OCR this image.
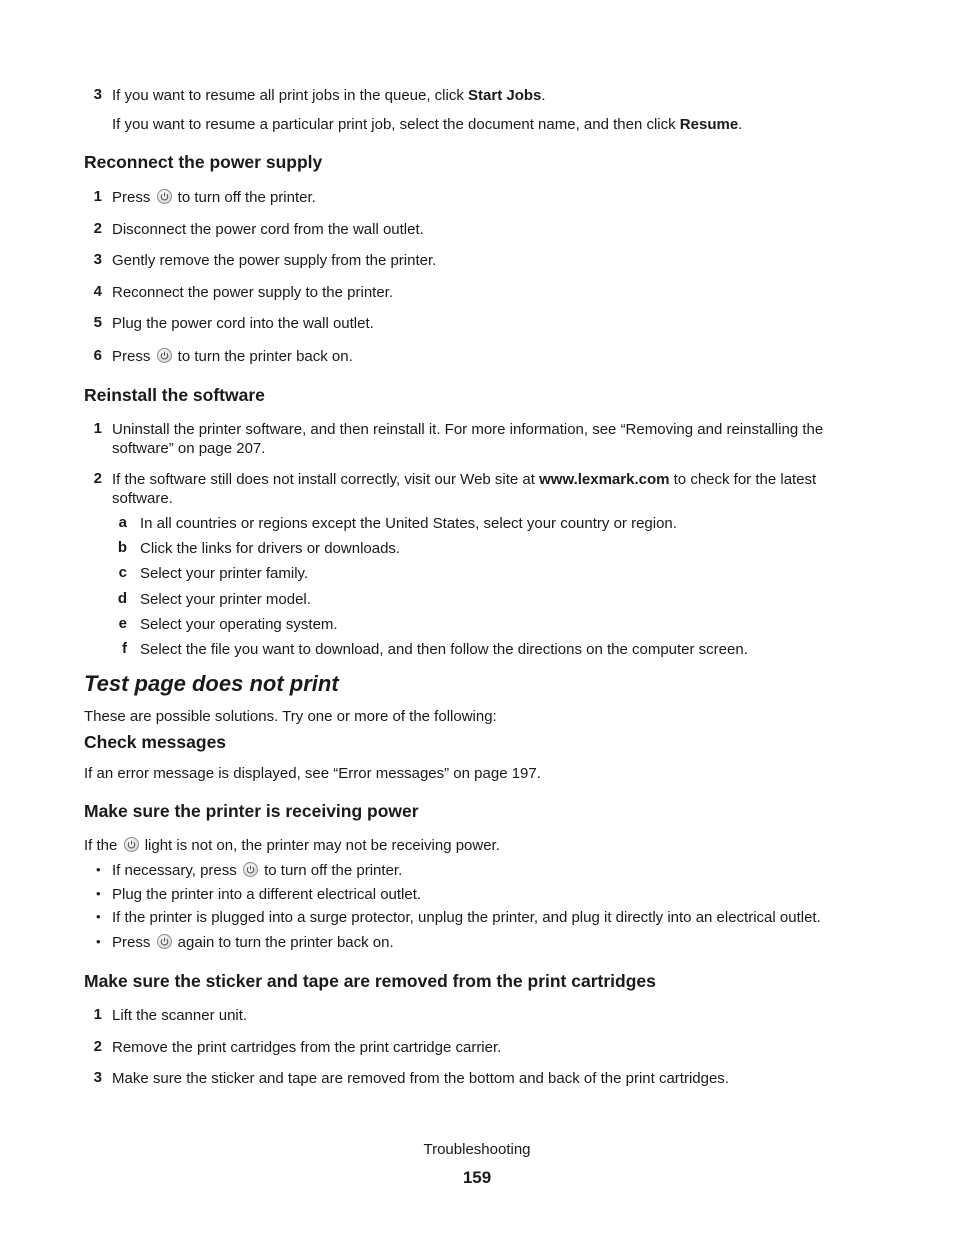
3 If you want to resume all print jobs in the queue, click Start Jobs.
If you want to resume a particular print job, select the document name, and then click Resume.
Reconnect the power supply
1 Press
to turn off the printer.
2 Disconnect the power cord from the wall outlet.
3 Gently remove the power supply from the printer.
4 Reconnect the power supply to the printer.
5 Plug the power cord into the wall outlet.
6 Press
to turn the printer back on.
Reinstall the software
1 Uninstall the printer software, and then reinstall it. For more information, see “Removing and reinstalling the
software” on page 207.
2 If the software still does not install correctly, visit our Web site at www.lexmark.com to check for the latest
software.
a In all countries or regions except the United States, select your country or region.
b Click the links for drivers or downloads.
c Select your printer family.
d Select your printer model.
e Select your operating system.
f Select the file you want to download, and then follow the directions on the computer screen.
Test page does not print
These are possible solutions. Try one or more of the following:
Check messages
If an error message is displayed, see “Error messages” on page 197.
Make sure the printer is receiving power
If the
light is not on, the printer may not be receiving power.
• If necessary, press
to turn off the printer.
• Plug the printer into a different electrical outlet.
• If the printer is plugged into a surge protector, unplug the printer, and plug it directly into an electrical outlet.
• Press
again to turn the printer back on.
Make sure the sticker and tape are removed from the print cartridges
1 Lift the scanner unit.
2 Remove the print cartridges from the print cartridge carrier.
3 Make sure the sticker and tape are removed from the bottom and back of the print cartridges.
Troubleshooting
159
